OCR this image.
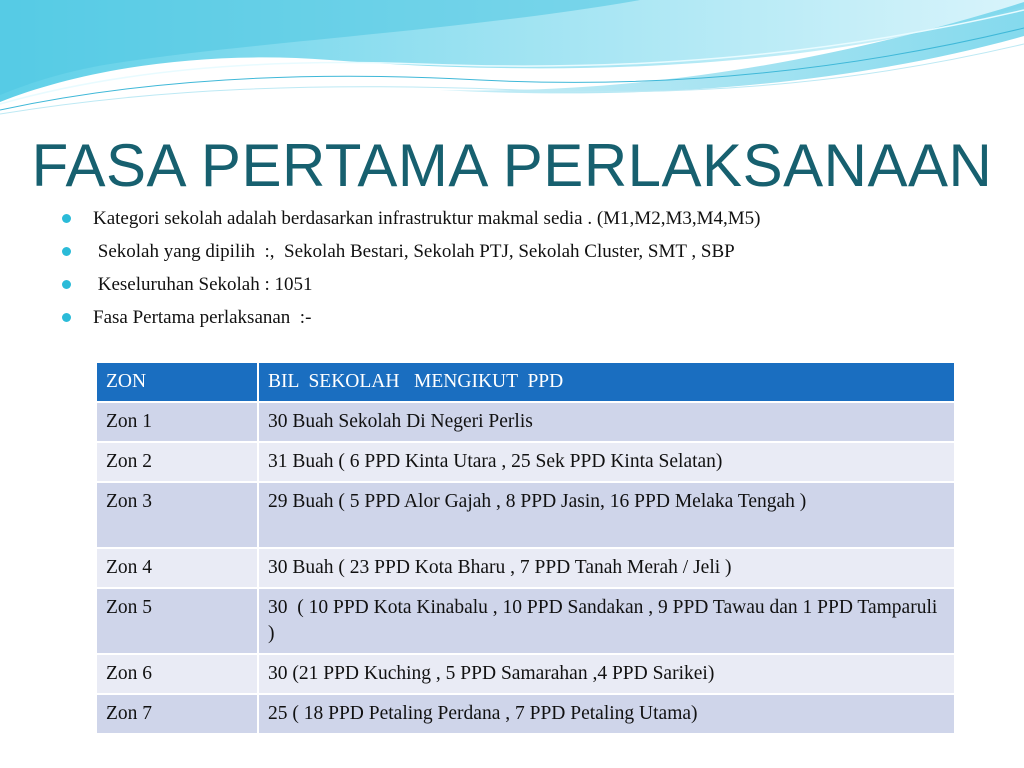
FASA PERTAMA PERLAKSANAAN
Kategori sekolah adalah berdasarkan infrastruktur makmal sedia . (M1,M2,M3,M4,M5)
Sekolah yang dipilih  :,  Sekolah Bestari, Sekolah PTJ, Sekolah Cluster, SMT , SBP
Keseluruhan Sekolah : 1051
Fasa Pertama perlaksanan  :-
ZON	BIL  SEKOLAH   MENGIKUT  PPD
Zon 1	30 Buah Sekolah Di Negeri Perlis
Zon 2	31 Buah ( 6 PPD Kinta Utara , 25 Sek PPD Kinta Selatan)
Zon 3	29 Buah ( 5 PPD Alor Gajah , 8 PPD Jasin, 16 PPD Melaka Tengah )
Zon 4	30 Buah ( 23 PPD Kota Bharu , 7 PPD Tanah Merah / Jeli )
Zon 5	30  ( 10 PPD Kota Kinabalu , 10 PPD Sandakan , 9 PPD Tawau dan 1 PPD Tamparuli )
Zon 6	30 (21 PPD Kuching , 5 PPD Samarahan ,4 PPD Sarikei)
Zon 7	25 ( 18 PPD Petaling Perdana , 7 PPD Petaling Utama)
